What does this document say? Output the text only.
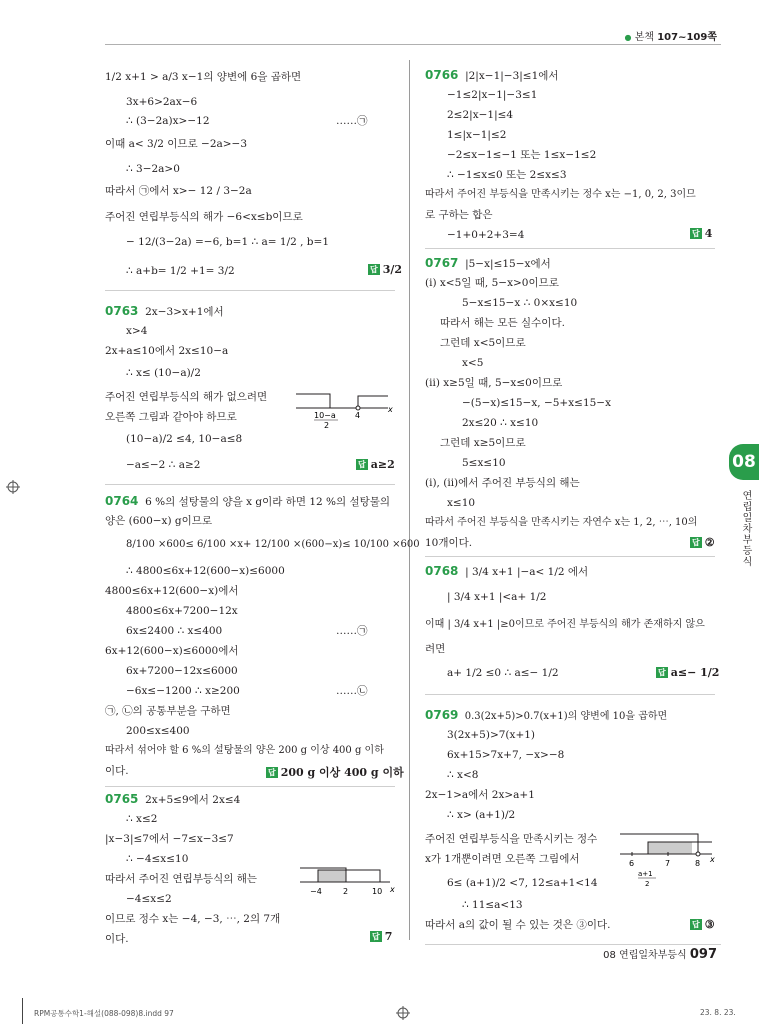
● 본책 107~109쪽
1/2 x+1 > a/3 x−1의 양변에 6을 곱하면
3x+6>2ax−6
∴ (3−2a)x>−12	……㉠
이때 a< 3/2 이므로 −2a>−3
∴ 3−2a>0
따라서 ㉠에서 x>− 12 / 3−2a
주어진 연립부등식의 해가 −6<x≤b이므로
− 12/(3−2a) =−6, b=1 ∴ a= 1/2 , b=1
∴ a+b= 1/2 +1= 3/2	답 3/2
0763 2x−3>x+1에서
x>4
2x+a≤10에서 2x≤10−a
∴ x≤ (10−a)/2
주어진 연립부등식의 해가 없으려면
오른쪽 그림과 같아야 하므로
(10−a)/2 ≤4, 10−a≤8
−a≤−2 ∴ a≥2	답 a≥2
10−a
2
4
x
0764 6 %의 설탕물의 양을 x g이라 하면 12 %의 설탕물의
양은 (600−x) g이므로
8/100 ×600≤ 6/100 ×x+ 12/100 ×(600−x)≤ 10/100 ×600
∴ 4800≤6x+12(600−x)≤6000
4800≤6x+12(600−x)에서
4800≤6x+7200−12x
6x≤2400 ∴ x≤400	……㉠
6x+12(600−x)≤6000에서
6x+7200−12x≤6000
−6x≤−1200 ∴ x≥200	……㉡
㉠, ㉡의 공통부분을 구하면
200≤x≤400
따라서 섞어야 할 6 %의 설탕물의 양은 200 g 이상 400 g 이하
이다.	답 200 g 이상 400 g 이하
0765 2x+5≤9에서 2x≤4
∴ x≤2
|x−3|≤7에서 −7≤x−3≤7
∴ −4≤x≤10
따라서 주어진 연립부등식의 해는
−4≤x≤2
이므로 정수 x는 −4, −3, ⋯, 2의 7개
이다.	답 7
−4	2	10 x
0766 |2|x−1|−3|≤1에서
−1≤2|x−1|−3≤1
2≤2|x−1|≤4
1≤|x−1|≤2
−2≤x−1≤−1 또는 1≤x−1≤2
∴ −1≤x≤0 또는 2≤x≤3
따라서 주어진 부등식을 만족시키는 정수 x는 −1, 0, 2, 3이므
로 구하는 합은
−1+0+2+3=4	답 4
0767 |5−x|≤15−x에서
(ⅰ) x<5일 때, 5−x>0이므로
5−x≤15−x ∴ 0×x≤10
따라서 해는 모든 실수이다.
그런데 x<5이므로
x<5
(ⅱ) x≥5일 때, 5−x≤0이므로
−(5−x)≤15−x, −5+x≤15−x
2x≤20 ∴ x≤10
그런데 x≥5이므로
5≤x≤10
(ⅰ), (ⅱ)에서 주어진 부등식의 해는
x≤10
따라서 주어진 부등식을 만족시키는 자연수 x는 1, 2, ⋯, 10의
10개이다.	답 ②
0768 | 3/4 x+1 |−a< 1/2 에서
| 3/4 x+1 |<a+ 1/2
이때 | 3/4 x+1 |≥0이므로 주어진 부등식의 해가 존재하지 않으
려면
a+ 1/2 ≤0 ∴ a≤− 1/2	답 a≤− 1/2
0769 0.3(2x+5)>0.7(x+1)의 양변에 10을 곱하면
3(2x+5)>7(x+1)
6x+15>7x+7, −x>−8
∴ x<8
2x−1>a에서 2x>a+1
∴ x> (a+1)/2
주어진 연립부등식을 만족시키는 정수
x가 1개뿐이려면 오른쪽 그림에서
6≤ (a+1)/2 <7, 12≤a+1<14
∴ 11≤a<13
따라서 a의 값이 될 수 있는 것은 ③이다.	답 ③
6	7	8 x
a+1
2
08
연립일차부등식
08 연립일차부등식 097
RPM공통수학1-해설(088-098)8.indd 97	23. 8. 23.
